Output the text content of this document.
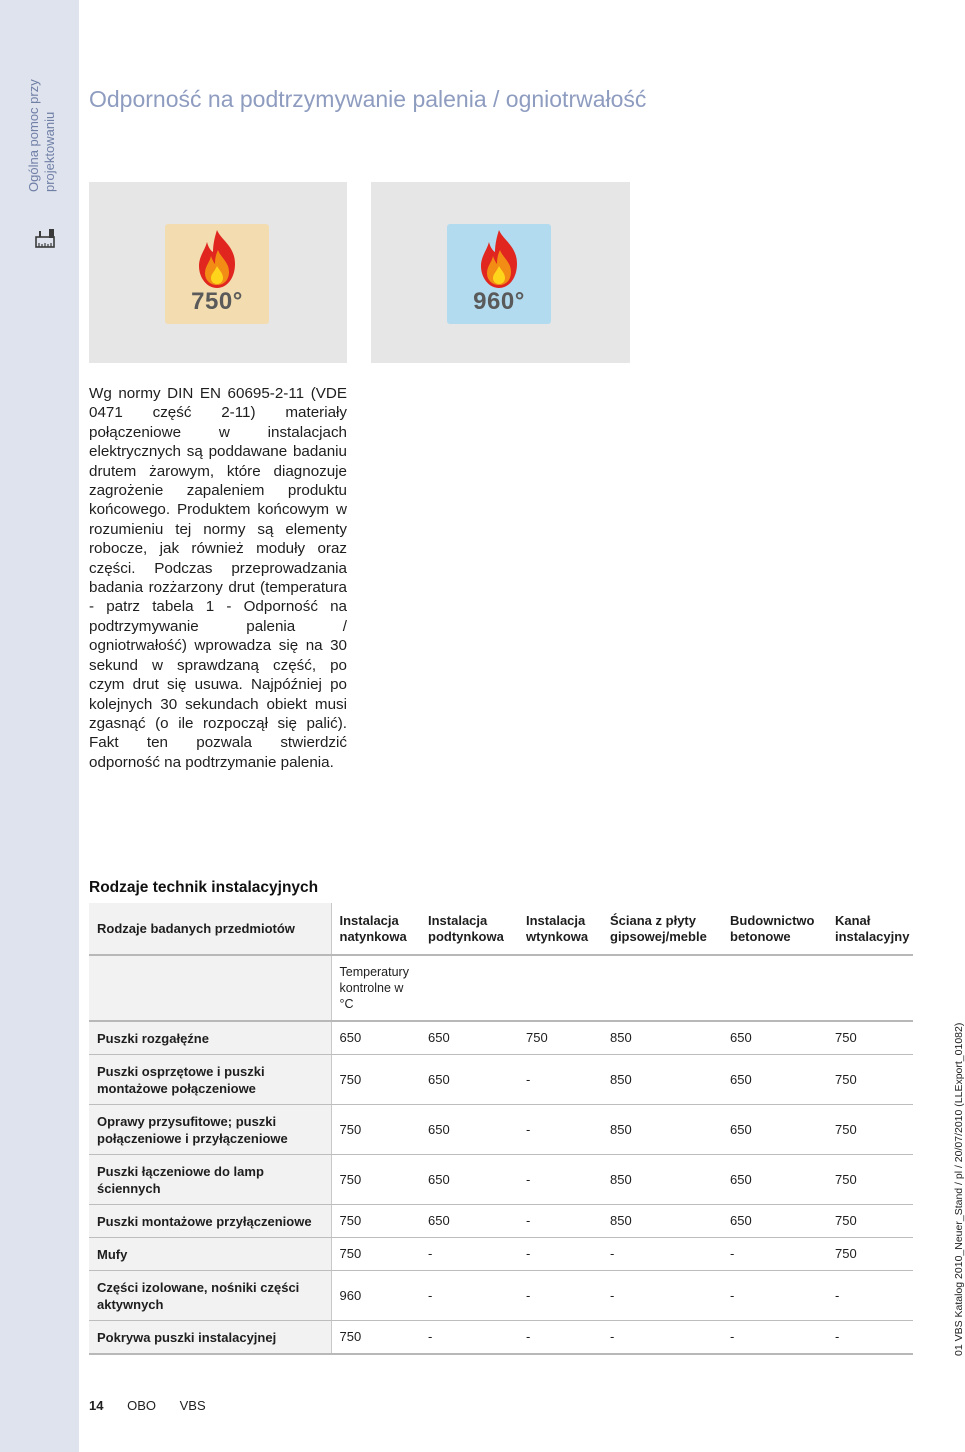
Ogólna pomoc przy projektowaniu
Odporność na podtrzymywanie palenia / ogniotrwałość
750°	960°

Wg normy DIN EN 60695-2-11 (VDE 0471 część 2-11) materiały połączeniowe w instalacjach elektrycznych są poddawane badaniu drutem żarowym, które diagnozuje zagrożenie zapaleniem produktu końcowego. Produktem końcowym w rozumieniu tej normy są elementy robocze, jak również moduły oraz części. Podczas przeprowadzania badania rozżarzony drut (temperatura - patrz tabela 1 - Odporność na podtrzymywanie palenia / ogniotrwałość) wprowadza się na 30 sekund w sprawdzaną część, po czym drut się usuwa. Najpóźniej po kolejnych 30 sekundach obiekt musi zgasnąć (o ile rozpoczął się palić). Fakt ten pozwala stwierdzić odporność na podtrzymanie palenia.

Rodzaje technik instalacyjnych
Rodzaje badanych przedmiotów	Instalacja natynkowa	Instalacja podtynkowa	Instalacja wtynkowa	Ściana z płyty gipsowej/meble	Budownictwo betonowe	Kanał instalacyjny
	Temperatury kontrolne w °C					
Puszki rozgałęźne	650	650	750	850	650	750
Puszki osprzętowe i puszki montażowe połączeniowe	750	650	-	850	650	750
Oprawy przysufitowe; puszki połączeniowe i przyłączeniowe	750	650	-	850	650	750
Puszki łączeniowe do lamp ściennych	750	650	-	850	650	750
Puszki montażowe przyłączeniowe	750	650	-	850	650	750
Mufy	750	-	-	-	-	750
Części izolowane, nośniki części aktywnych	960	-	-	-	-	-
Pokrywa puszki instalacyjnej	750	-	-	-	-	-
14 OBO VBS
01 VBS Katalog 2010_Neuer_Stand / pl / 20/07/2010 (LLExport_01082)
